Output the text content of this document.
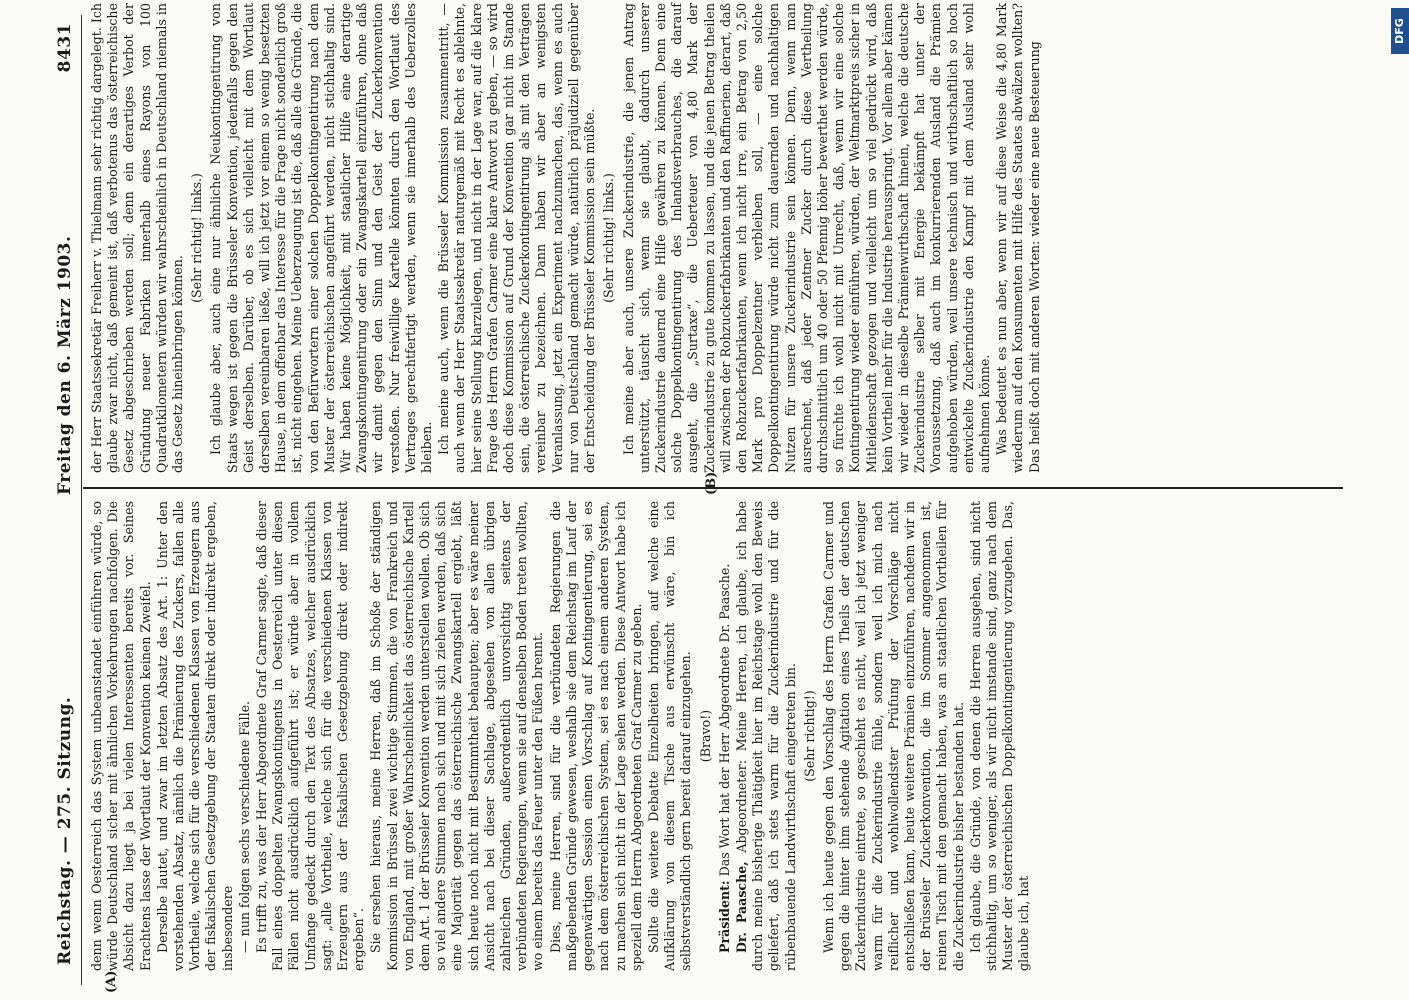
Reichstag. — 275. Sitzung.
Freitag den 6. März 1903.
8431
(A)
(B)

denn wenn Oesterreich das System unbeanstandet einführen würde, so würde Deutschland sicher mit ähnlichen Vorkehrungen nachfolgen. Die Absicht dazu liegt ja bei vielen Interessenten bereits vor. Seines Erachtens lasse der Wortlaut der Konvention keinen Zweifel. Derselbe lautet, und zwar im letzten Absatz des Art. 1: Unter den vorstehenden Absatz, nämlich die Prämierung des Zuckers, fallen alle Vortheile, welche sich für die verschiedenen Klassen von Erzeugern aus der fiskalischen Gesetzgebung der Staaten direkt oder indirekt ergeben, insbesondere — nun folgen sechs verschiedene Fälle. Es trifft zu, was der Herr Abgeordnete Graf Carmer sagte, daß dieser Fall eines doppelten Zwangskontingents in Oesterreich unter diesen Fällen nicht ausdrücklich aufgeführt ist; er würde aber in vollem Umfange gedeckt durch den Text des Absatzes, welcher ausdrücklich sagt: „alle Vortheile, welche sich für die verschiedenen Klassen von Erzeugern aus der fiskalischen Gesetzgebung direkt oder indirekt ergeben“. Sie ersehen hieraus, meine Herren, daß im Schoße der ständigen Kommission in Brüssel zwei wichtige Stimmen, die von Frankreich und von England, mit großer Wahrscheinlichkeit das österreichische Kartell dem Art. 1 der Brüsseler Konvention werden unterstellen wollen. Ob sich so viel andere Stimmen nach sich und mit sich ziehen werden, daß sich eine Majorität gegen das österreichische Zwangskartell ergiebt, läßt sich heute noch nicht mit Bestimmtheit behaupten; aber es wäre meiner Ansicht nach bei dieser Sachlage, abgesehen von allen übrigen zahlreichen Gründen, außerordentlich unvorsichtig seitens der verbündeten Regierungen, wenn sie auf denselben Boden treten wollten, wo einem bereits das Feuer unter den Füßen brennt. Dies, meine Herren, sind für die verbündeten Regierungen die maßgebenden Gründe gewesen, weshalb sie dem Reichstag im Lauf der gegenwärtigen Session einen Vorschlag auf Kontingentierung, sei es nach dem österreichischen System, sei es nach einem anderen System, zu machen sich nicht in der Lage sehen werden. Diese Antwort habe ich speziell dem Herrn Abgeordneten Graf Carmer zu geben. Sollte die weitere Debatte Einzelheiten bringen, auf welche eine Aufklärung von diesem Tische aus erwünscht wäre, bin ich selbstverständlich gern bereit darauf einzugehen. (Bravo!)

Präsident: Das Wort hat der Herr Abgeordnete Dr. Paasche.

Dr. Paasche, Abgeordneter: Meine Herren, ich glaube, ich habe durch meine bisherige Thätigkeit hier im Reichstage wohl den Beweis geliefert, daß ich stets warm für die Zuckerindustrie und für die rübenbauende Landwirthschaft eingetreten bin. (Sehr richtig!) Wenn ich heute gegen den Vorschlag des Herrn Grafen Carmer und gegen die hinter ihm stehende Agitation eines Theils der deutschen Zuckerindustrie eintrete, so geschieht es nicht, weil ich jetzt weniger warm für die Zuckerindustrie fühle, sondern weil ich mich nach reiflicher und wohlwollendster Prüfung der Vorschläge nicht entschließen kann, heute weitere Prämien einzuführen, nachdem wir in der Brüsseler Zuckerkonvention, die im Sommer angenommen ist, reinen Tisch mit den gemacht haben, was an staatlichen Vortheilen für die Zuckerindustrie bisher bestanden hat. Ich glaube, die Gründe, von denen die Herren ausgehen, sind nicht stichhaltig, um so weniger, als wir nicht imstande sind, ganz nach dem Muster der österreichischen Doppelkontingentierung vorzugehen. Das, glaube ich, hat

der Herr Staatssekretär Freiherr v. Thielmann sehr richtig dargelegt. Ich glaube zwar nicht, daß gemeint ist, daß verbotenus das österreichische Gesetz abgeschrieben werden soll; denn ein derartiges Verbot der Gründung neuer Fabriken innerhalb eines Rayons von 100 Quadratkilometern würden wir wahrscheinlich in Deutschland niemals in das Gesetz hineinbringen können.

(Sehr richtig! links.) Ich glaube aber, auch eine nur ähnliche Neukontingentirung von Staats wegen ist gegen die Brüsseler Konvention, jedenfalls gegen den Geist derselben. Darüber, ob es sich vielleicht mit dem Wortlaut derselben vereinbaren ließe, will ich jetzt vor einem so wenig besetzten Hause, in dem offenbar das Interesse für die Frage nicht sonderlich groß ist, nicht eingehen. Meine Ueberzeugung ist die, daß alle die Gründe, die von den Befürwortern einer solchen Doppelkontingentirung nach dem Muster der österreichischen angeführt werden, nicht stichhaltig sind. Wir haben keine Möglichkeit, mit staatlicher Hilfe eine derartige Zwangskontingentirung oder ein Zwangskartell einzuführen, ohne daß wir damit gegen den Sinn und den Geist der Zuckerkonvention verstoßen. Nur freiwillige Kartelle könnten durch den Wortlaut des Vertrages gerechtfertigt werden, wenn sie innerhalb des Ueberzolles bleiben. Ich meine auch, wenn die Brüsseler Kommission zusammentritt, — auch wenn der Herr Staatssekretär naturgemäß mit Recht es ablehnte, hier seine Stellung klarzulegen, und nicht in der Lage war, auf die klare Frage des Herrn Grafen Carmer eine klare Antwort zu geben, — so wird doch diese Kommission auf Grund der Konvention gar nicht im Stande sein, die österreichische Zuckerkontingentirung als mit den Verträgen vereinbar zu bezeichnen. Dann haben wir aber an wenigsten Veranlassung, jetzt ein Experiment nachzumachen, das, wenn es auch nur von Deutschland gemacht würde, natürlich präjudiziell gegenüber der Entscheidung der Brüsseler Kommission sein müßte. (Sehr richtig! links.) Ich meine aber auch, unsere Zuckerindustrie, die jenen Antrag unterstützt, täuscht sich, wenn sie glaubt, dadurch unserer Zuckerindustrie dauernd eine Hilfe gewähren zu können. Denn eine solche Doppelkontingentirung des Inlandsverbrauches, die darauf ausgeht, die „Surtaxe“, die Ueberteuer von 4,80 Mark der Zuckerindustrie zu gute kommen zu lassen, und die jenen Betrag theilen will zwischen der Rohzuckerfabrikanten und den Raffinerien, derart, daß den Rohzuckerfabrikanten, wenn ich nicht irre, ein Betrag von 2,50 Mark pro Doppelzentner verbleiben soll, — eine solche Doppelkontingentirung würde nicht zum dauernden und nachhaltigen Nutzen für unsere Zuckerindustrie sein können. Denn, wenn man ausrechnet, daß jeder Zentner Zucker durch diese Vertheilung durchschnittlich um 40 oder 50 Pfennig höher bewerthet werden würde, so fürchte ich wohl nicht mit Unrecht, daß, wenn wir eine solche Kontingentirung wieder einführen, würden, der Weltmarktpreis sicher in Mitleidenschaft gezogen und vielleicht um so viel gedrückt wird, daß kein Vortheil mehr für die Industrie herausspringt. Vor allem aber kämen wir wieder in dieselbe Prämienwirthschaft hinein, welche die deutsche Zuckerindustrie selber mit Energie bekämpft hat unter der Voraussetzung, daß auch im konkurrierenden Ausland die Prämien aufgehoben würden, weil unsere technisch und wirthschaftlich so hoch entwickelte Zuckerindustrie den Kampf mit dem Ausland sehr wohl aufnehmen könne. Was bedeutet es nun aber, wenn wir auf diese Weise die 4,80 Mark wiederum auf den Konsumenten mit Hilfe des Staates abwälzen wollten? Das heißt doch mit anderen Worten: wieder eine neue Besteuerung

DFG
